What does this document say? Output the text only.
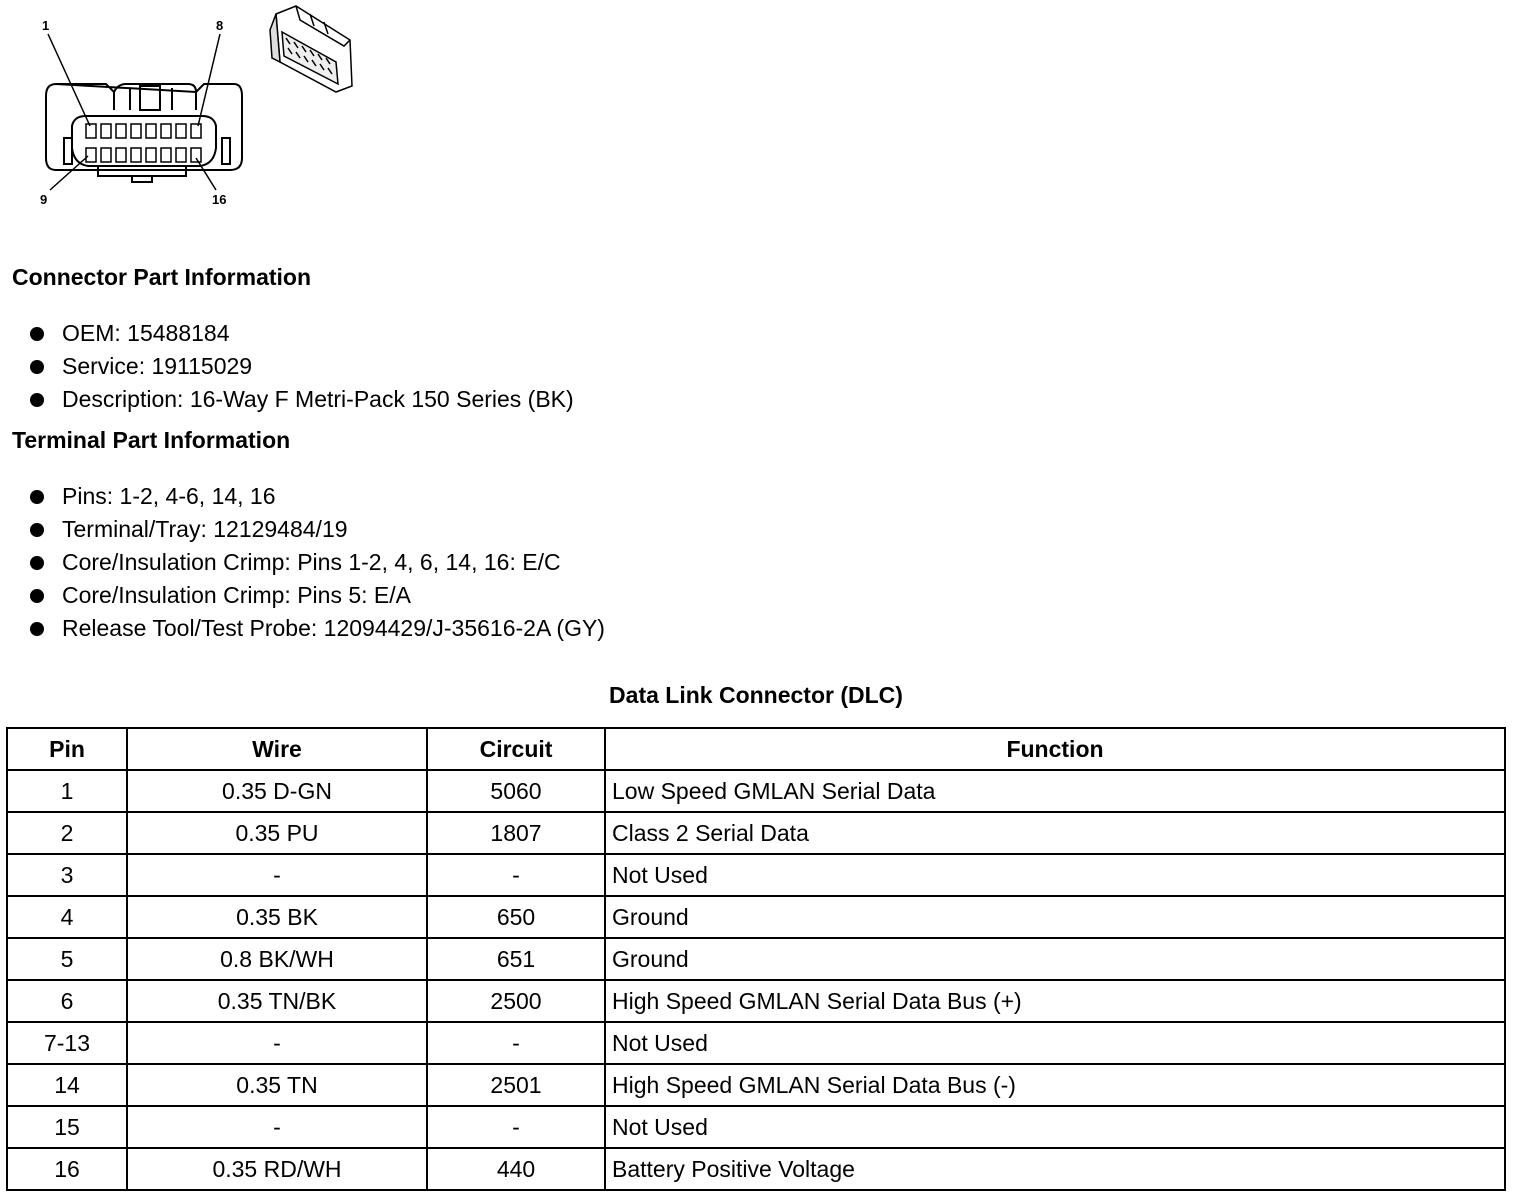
1	8
9	16
Connector Part Information
OEM: 15488184
Service: 19115029
Description: 16-Way F Metri-Pack 150 Series (BK)
Terminal Part Information
Pins: 1-2, 4-6, 14, 16
Terminal/Tray: 12129484/19
Core/Insulation Crimp: Pins 1-2, 4, 6, 14, 16: E/C
Core/Insulation Crimp: Pins 5: E/A
Release Tool/Test Probe: 12094429/J-35616-2A (GY)
Data Link Connector (DLC)
Pin	Wire	Circuit	Function
1	0.35 D-GN	5060	Low Speed GMLAN Serial Data
2	0.35 PU	1807	Class 2 Serial Data
3	-	-	Not Used
4	0.35 BK	650	Ground
5	0.8 BK/WH	651	Ground
6	0.35 TN/BK	2500	High Speed GMLAN Serial Data Bus (+)
7-13	-	-	Not Used
14	0.35 TN	2501	High Speed GMLAN Serial Data Bus (-)
15	-	-	Not Used
16	0.35 RD/WH	440	Battery Positive Voltage
